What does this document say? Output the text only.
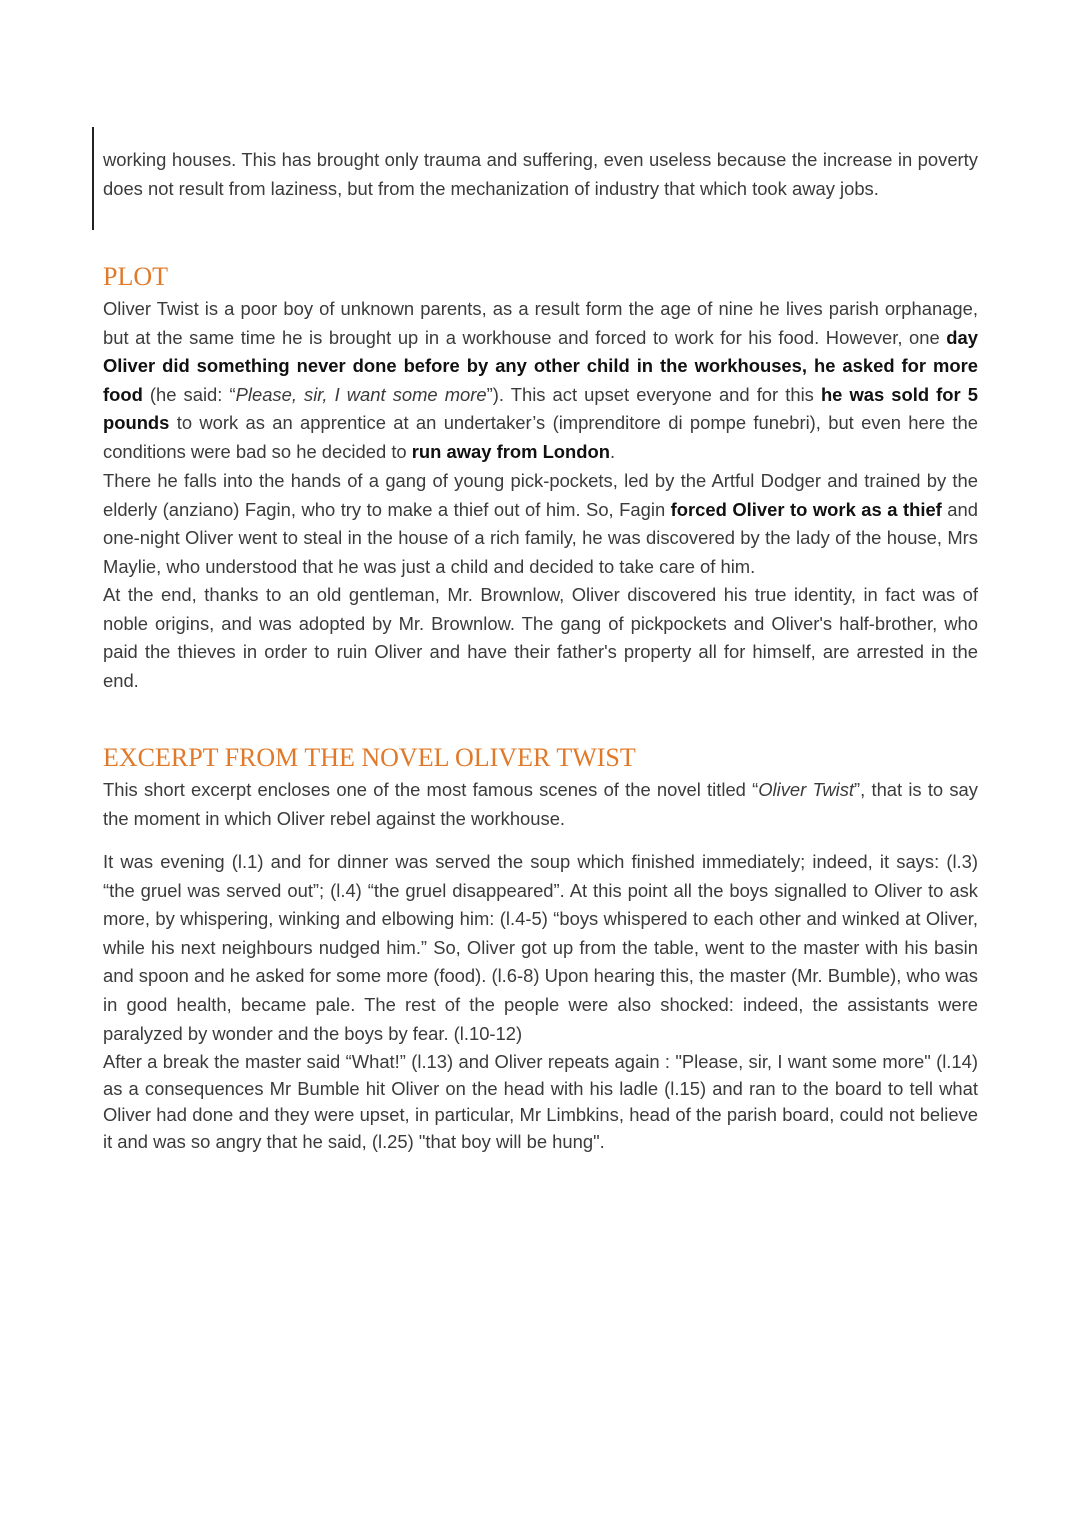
working houses. This has brought only trauma and suffering, even useless because the increase in poverty does not result from laziness, but from the mechanization of industry that which took away jobs.

PLOT

Oliver Twist is a poor boy of unknown parents, as a result form the age of nine he lives parish orphanage, but at the same time he is brought up in a workhouse and forced to work for his food. However, one day Oliver did something never done before by any other child in the workhouses, he asked for more food (he said: “Please, sir, I want some more”). This act upset everyone and for this he was sold for 5 pounds to work as an apprentice at an undertaker’s (imprenditore di pompe funebri), but even here the conditions were bad so he decided to run away from London.

There he falls into the hands of a gang of young pick-pockets, led by the Artful Dodger and trained by the elderly (anziano) Fagin, who try to make a thief out of him. So, Fagin forced Oliver to work as a thief and one-night Oliver went to steal in the house of a rich family, he was discovered by the lady of the house, Mrs Maylie, who understood that he was just a child and decided to take care of him.

At the end, thanks to an old gentleman, Mr. Brownlow, Oliver discovered his true identity, in fact was of noble origins, and was adopted by Mr. Brownlow. The gang of pickpockets and Oliver's half-brother, who paid the thieves in order to ruin Oliver and have their father's property all for himself, are arrested in the end.

EXCERPT FROM THE NOVEL OLIVER TWIST

This short excerpt encloses one of the most famous scenes of the novel titled “Oliver Twist”, that is to say the moment in which Oliver rebel against the workhouse.

It was evening (l.1) and for dinner was served the soup which finished immediately; indeed, it says: (l.3) “the gruel was served out”; (l.4) “the gruel disappeared”. At this point all the boys signalled to Oliver to ask more, by whispering, winking and elbowing him: (l.4-5) “boys whispered to each other and winked at Oliver, while his next neighbours nudged him.” So, Oliver got up from the table, went to the master with his basin and spoon and he asked for some more (food). (l.6-8) Upon hearing this, the master (Mr. Bumble), who was in good health, became pale. The rest of the people were also shocked: indeed, the assistants were paralyzed by wonder and the boys by fear. (l.10-12)

After a break the master said “What!” (l.13) and Oliver repeats again : "Please, sir, I want some more" (l.14) as a consequences Mr Bumble hit Oliver on the head with his ladle (l.15) and ran to the board to tell what Oliver had done and they were upset, in particular, Mr Limbkins, head of the parish board, could not believe it and was so angry that he said, (l.25) "that boy will be hung".
